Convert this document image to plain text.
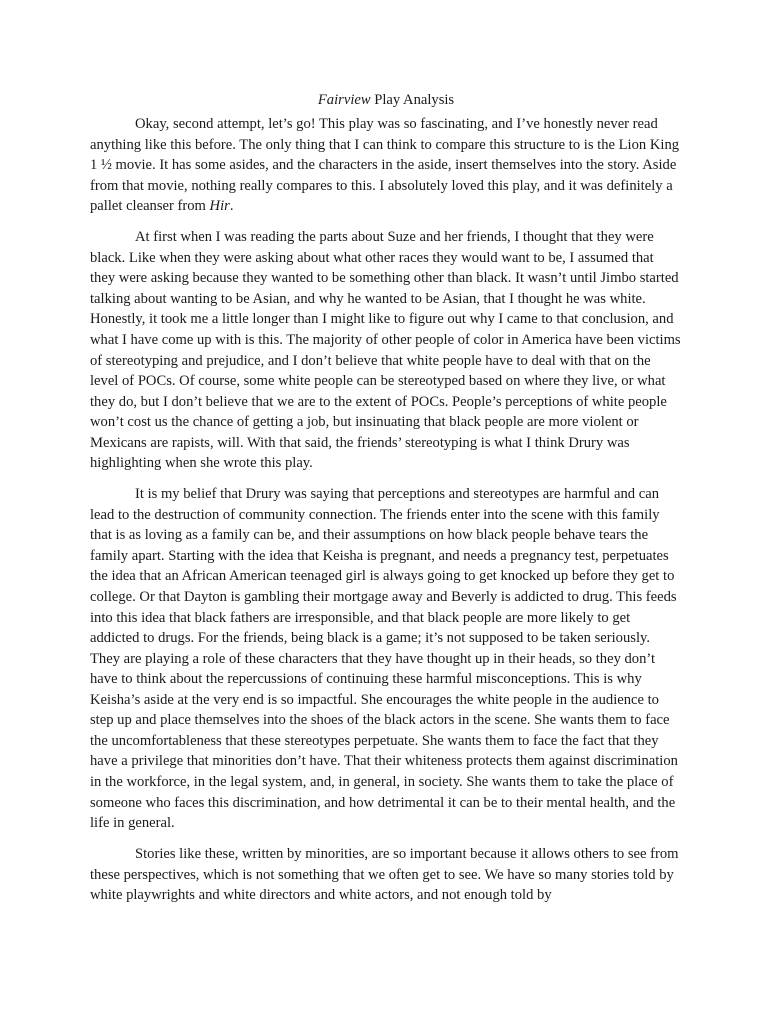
Fairview Play Analysis

Okay, second attempt, let’s go! This play was so fascinating, and I’ve honestly never read anything like this before. The only thing that I can think to compare this structure to is the Lion King 1 ½ movie. It has some asides, and the characters in the aside, insert themselves into the story. Aside from that movie, nothing really compares to this. I absolutely loved this play, and it was definitely a pallet cleanser from Hir.

At first when I was reading the parts about Suze and her friends, I thought that they were black. Like when they were asking about what other races they would want to be, I assumed that they were asking because they wanted to be something other than black. It wasn’t until Jimbo started talking about wanting to be Asian, and why he wanted to be Asian, that I thought he was white. Honestly, it took me a little longer than I might like to figure out why I came to that conclusion, and what I have come up with is this. The majority of other people of color in America have been victims of stereotyping and prejudice, and I don’t believe that white people have to deal with that on the level of POCs. Of course, some white people can be stereotyped based on where they live, or what they do, but I don’t believe that we are to the extent of POCs. People’s perceptions of white people won’t cost us the chance of getting a job, but insinuating that black people are more violent or Mexicans are rapists, will. With that said, the friends’ stereotyping is what I think Drury was highlighting when she wrote this play.

It is my belief that Drury was saying that perceptions and stereotypes are harmful and can lead to the destruction of community connection. The friends enter into the scene with this family that is as loving as a family can be, and their assumptions on how black people behave tears the family apart. Starting with the idea that Keisha is pregnant, and needs a pregnancy test, perpetuates the idea that an African American teenaged girl is always going to get knocked up before they get to college. Or that Dayton is gambling their mortgage away and Beverly is addicted to drug. This feeds into this idea that black fathers are irresponsible, and that black people are more likely to get addicted to drugs. For the friends, being black is a game; it’s not supposed to be taken seriously. They are playing a role of these characters that they have thought up in their heads, so they don’t have to think about the repercussions of continuing these harmful misconceptions. This is why Keisha’s aside at the very end is so impactful. She encourages the white people in the audience to step up and place themselves into the shoes of the black actors in the scene. She wants them to face the uncomfortableness that these stereotypes perpetuate. She wants them to face the fact that they have a privilege that minorities don’t have. That their whiteness protects them against discrimination in the workforce, in the legal system, and, in general, in society. She wants them to take the place of someone who faces this discrimination, and how detrimental it can be to their mental health, and the life in general.

Stories like these, written by minorities, are so important because it allows others to see from these perspectives, which is not something that we often get to see. We have so many stories told by white playwrights and white directors and white actors, and not enough told by
